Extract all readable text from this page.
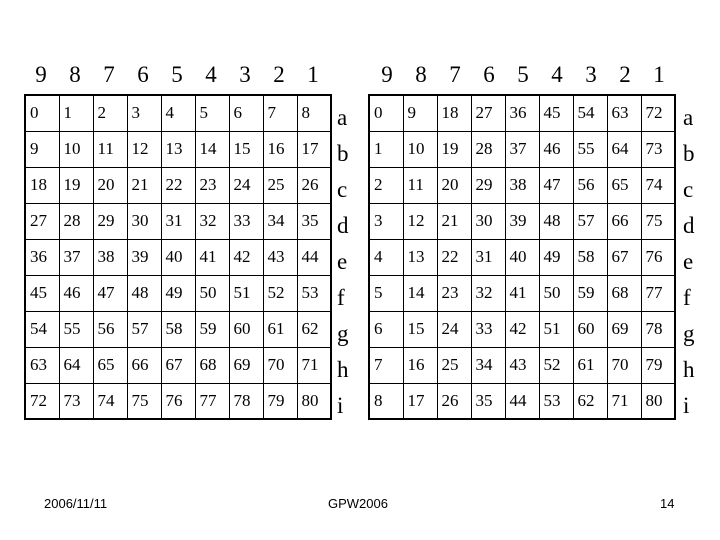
9 8 7 6 5 4 3 2 1	9 8 7 6 5 4 3 2 1
0	1	2	3	4	5	6	7	8
9	10	11	12	13	14	15	16	17
18	19	20	21	22	23	24	25	26
27	28	29	30	31	32	33	34	35
36	37	38	39	40	41	42	43	44
45	46	47	48	49	50	51	52	53
54	55	56	57	58	59	60	61	62
63	64	65	66	67	68	69	70	71
72	73	74	75	76	77	78	79	80
0	9	18	27	36	45	54	63	72
1	10	19	28	37	46	55	64	73
2	11	20	29	38	47	56	65	74
3	12	21	30	39	48	57	66	75
4	13	22	31	40	49	58	67	76
5	14	23	32	41	50	59	68	77
6	15	24	33	42	51	60	69	78
7	16	25	34	43	52	61	70	79
8	17	26	35	44	53	62	71	80
a
b
c
d
e
f
g
h
i
a
b
c
d
e
f
g
h
i
2006/11/11	GPW2006	14
